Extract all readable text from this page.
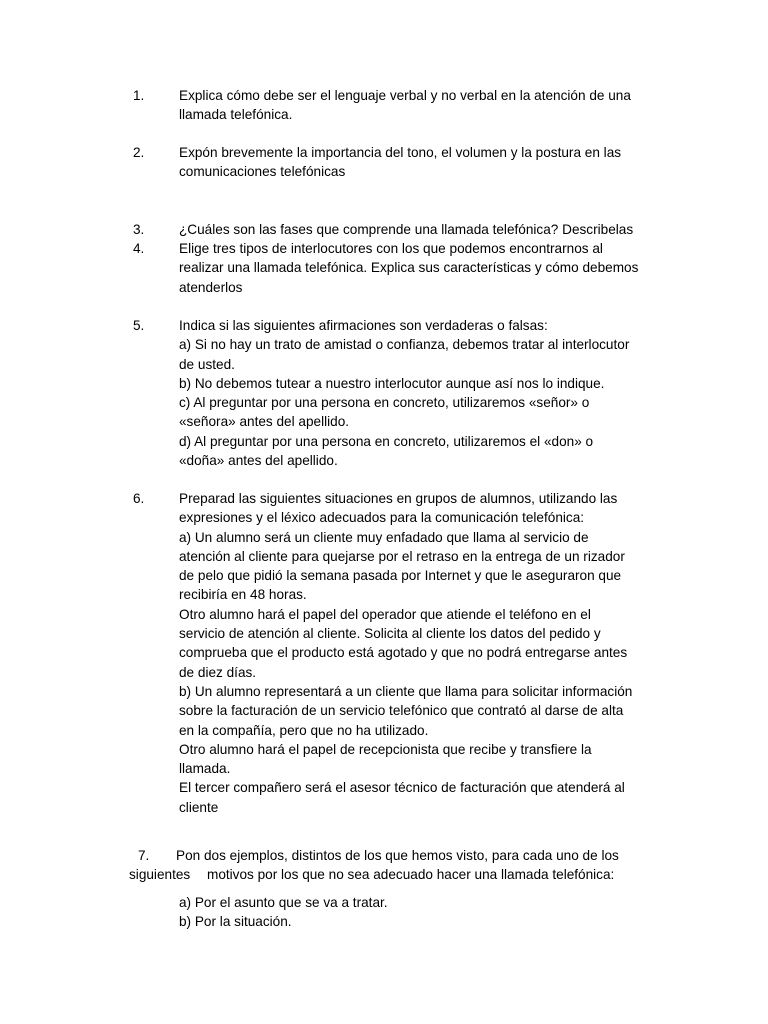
1.	Explica cómo debe ser el lenguaje verbal y no verbal en la atención de una
llamada telefónica.
2.	Expón brevemente la importancia del tono, el volumen y la postura en las
comunicaciones telefónicas
3.	¿Cuáles son las fases que comprende una llamada telefónica? Describelas
4.	Elige tres tipos de interlocutores con los que podemos encontrarnos al
realizar una llamada telefónica. Explica sus características y cómo debemos
atenderlos
5.	Indica si las siguientes afirmaciones son verdaderas o falsas:
a) Si no hay un trato de amistad o confianza, debemos tratar al interlocutor
de usted.
b) No debemos tutear a nuestro interlocutor aunque así nos lo indique.
c) Al preguntar por una persona en concreto, utilizaremos «señor» o
«señora» antes del apellido.
d) Al preguntar por una persona en concreto, utilizaremos el «don» o
«doña» antes del apellido.
6.	Preparad las siguientes situaciones en grupos de alumnos, utilizando las
expresiones y el léxico adecuados para la comunicación telefónica:
a) Un alumno será un cliente muy enfadado que llama al servicio de
atención al cliente para quejarse por el retraso en la entrega de un rizador
de pelo que pidió la semana pasada por Internet y que le aseguraron que
recibiría en 48 horas.
Otro alumno hará el papel del operador que atiende el teléfono en el
servicio de atención al cliente. Solicita al cliente los datos del pedido y
comprueba que el producto está agotado y que no podrá entregarse antes
de diez días.
b) Un alumno representará a un cliente que llama para solicitar información
sobre la facturación de un servicio telefónico que contrató al darse de alta
en la compañía, pero que no ha utilizado.
Otro alumno hará el papel de recepcionista que recibe y transfiere la
llamada.
El tercer compañero será el asesor técnico de facturación que atenderá al
cliente
7. Pon dos ejemplos, distintos de los que hemos visto, para cada uno de los
siguientes motivos por los que no sea adecuado hacer una llamada telefónica:
a) Por el asunto que se va a tratar.
b) Por la situación.
